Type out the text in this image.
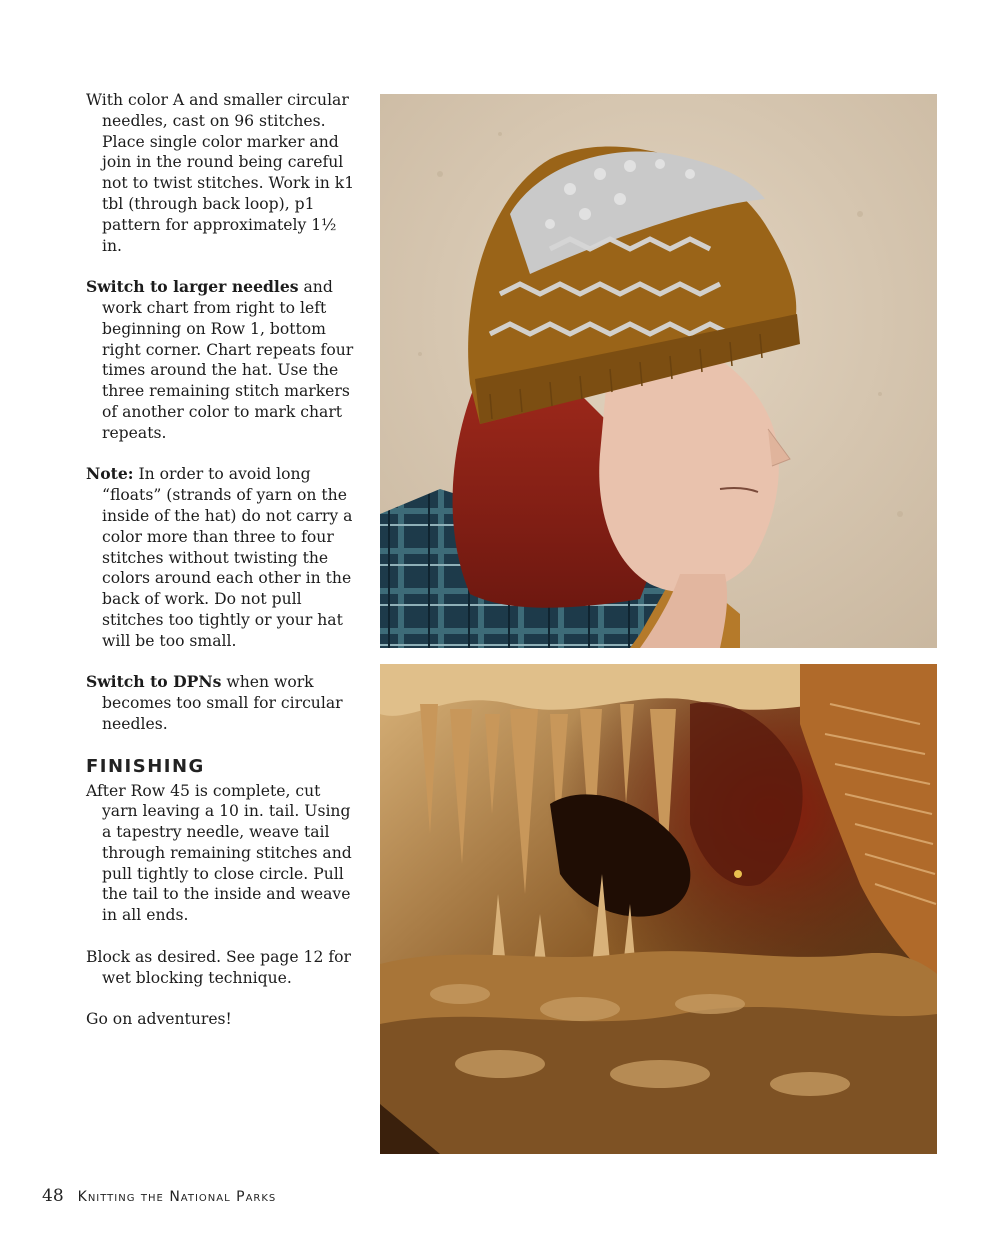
With color A and smaller circular needles, cast on 96 stitches. Place single color marker and join in the round being careful not to twist stitches. Work in k1 tbl (through back loop), p1 pattern for approximately 1½ in.

Switch to larger needles and work chart from right to left beginning on Row 1, bottom right corner. Chart repeats four times around the hat. Use the three remaining stitch markers of another color to mark chart repeats.

Note: In order to avoid long “floats” (strands of yarn on the inside of the hat) do not carry a color more than three to four stitches without twisting the colors around each other in the back of work. Do not pull stitches too tightly or your hat will be too small.

Switch to DPNs when work becomes too small for circular needles.

FINISHING

After Row 45 is complete, cut yarn leaving a 10 in. tail. Using a tapestry needle, weave tail through remaining stitches and pull tightly to close circle. Pull the tail to the inside and weave in all ends.

Block as desired. See page 12 for wet blocking technique.

Go on adventures!

48 Knitting the National Parks
